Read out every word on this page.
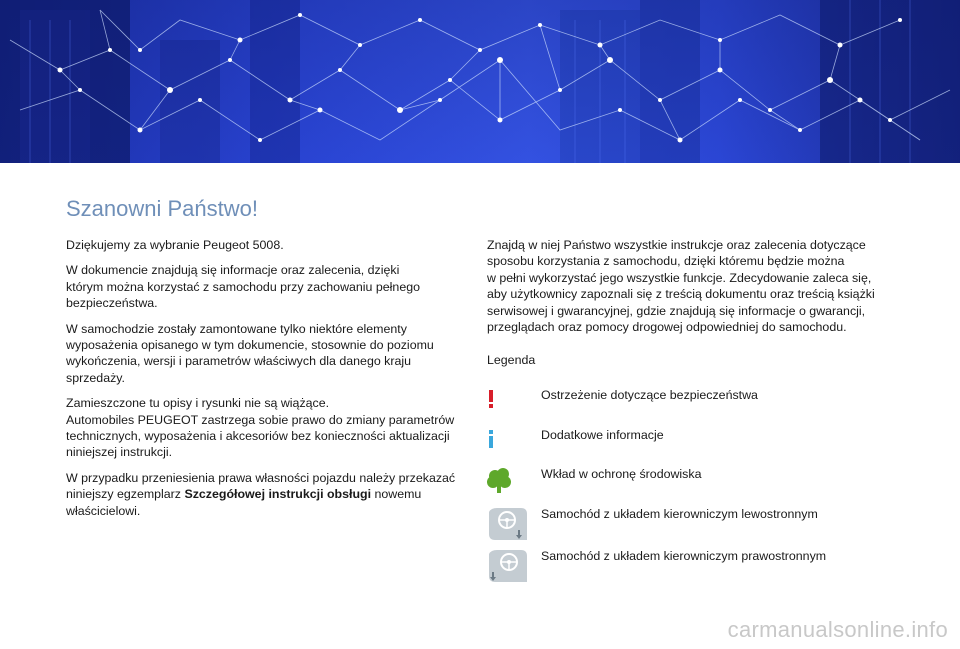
Szanowni Państwo!

Dziękujemy za wybranie Peugeot 5008.

W dokumencie znajdują się informacje oraz zalecenia, dzięki

którym można korzystać z samochodu przy zachowaniu pełnego

bezpieczeństwa.

W samochodzie zostały zamontowane tylko niektóre elementy

wyposażenia opisanego w tym dokumencie, stosownie do poziomu

wykończenia, wersji i parametrów właściwych dla danego kraju

sprzedaży.

Zamieszczone tu opisy i rysunki nie są wiążące.

Automobiles PEUGEOT zastrzega sobie prawo do zmiany parametrów

technicznych, wyposażenia i akcesoriów bez konieczności aktualizacji

niniejszej instrukcji.

W przypadku przeniesienia prawa własności pojazdu należy przekazać

niniejszy egzemplarz Szczegółowej instrukcji obsługi nowemu

właścicielowi.

Znajdą w niej Państwo wszystkie instrukcje oraz zalecenia dotyczące

sposobu korzystania z samochodu, dzięki któremu będzie można

w pełni wykorzystać jego wszystkie funkcje. Zdecydowanie zaleca się,

aby użytkownicy zapoznali się z treścią dokumentu oraz treścią książki

serwisowej i gwarancyjnej, gdzie znajdują się informacje o gwarancji,

przeglądach oraz pomocy drogowej odpowiedniej do samochodu.

Legenda
Ostrzeżenie dotyczące bezpieczeństwa
Dodatkowe informacje
Wkład w ochronę środowiska
Samochód z układem kierowniczym lewostronnym
Samochód z układem kierowniczym prawostronnym
carmanualsonline.info
